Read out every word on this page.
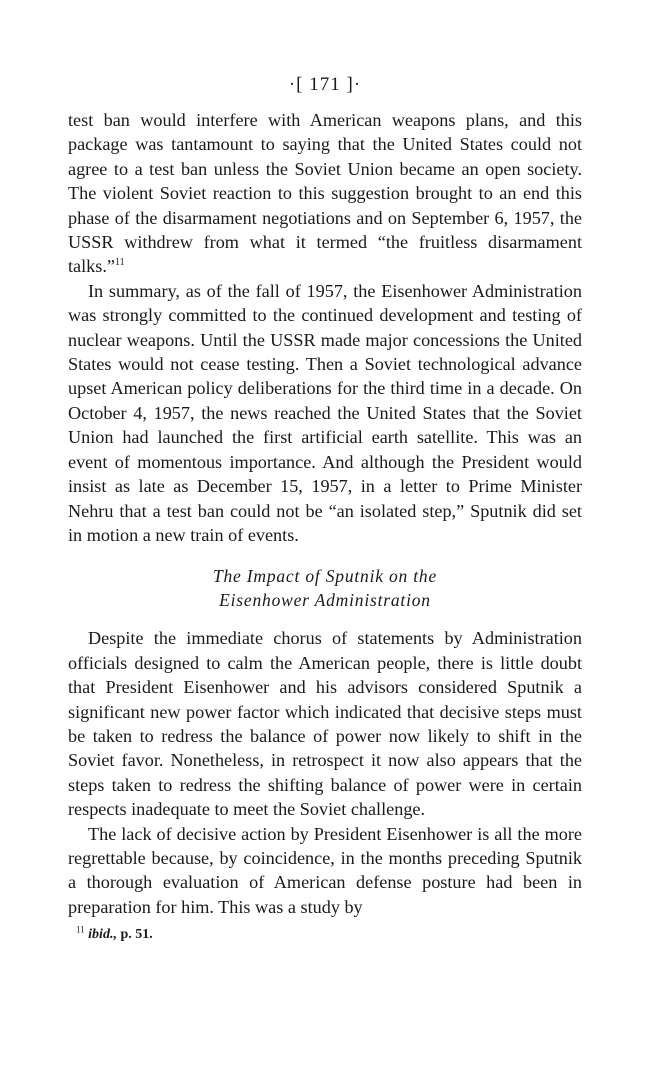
·[ 171 ]·

test ban would interfere with American weapons plans, and this package was tantamount to saying that the United States could not agree to a test ban unless the Soviet Union became an open society. The violent Soviet reaction to this suggestion brought to an end this phase of the disarmament negotiations and on September 6, 1957, the USSR withdrew from what it termed “the fruitless disarmament talks.”$^{11}$

In summary, as of the fall of 1957, the Eisenhower Administration was strongly committed to the continued development and testing of nuclear weapons. Until the USSR made major concessions the United States would not cease testing. Then a Soviet technological advance upset American policy deliberations for the third time in a decade. On October 4, 1957, the news reached the United States that the Soviet Union had launched the first artificial earth satellite. This was an event of momentous importance. And although the President would insist as late as December 15, 1957, in a letter to Prime Minister Nehru that a test ban could not be “an isolated step,” Sputnik did set in motion a new train of events.

The Impact of Sputnik on the
Eisenhower Administration

Despite the immediate chorus of statements by Administration officials designed to calm the American people, there is little doubt that President Eisenhower and his advisors considered Sputnik a significant new power factor which indicated that decisive steps must be taken to redress the balance of power now likely to shift in the Soviet favor. Nonetheless, in retrospect it now also appears that the steps taken to redress the shifting balance of power were in certain respects inadequate to meet the Soviet challenge.

The lack of decisive action by President Eisenhower is all the more regrettable because, by coincidence, in the months preceding Sputnik a thorough evaluation of American defense posture had been in preparation for him. This was a study by

$^{11}$ ibid., p. 51.
